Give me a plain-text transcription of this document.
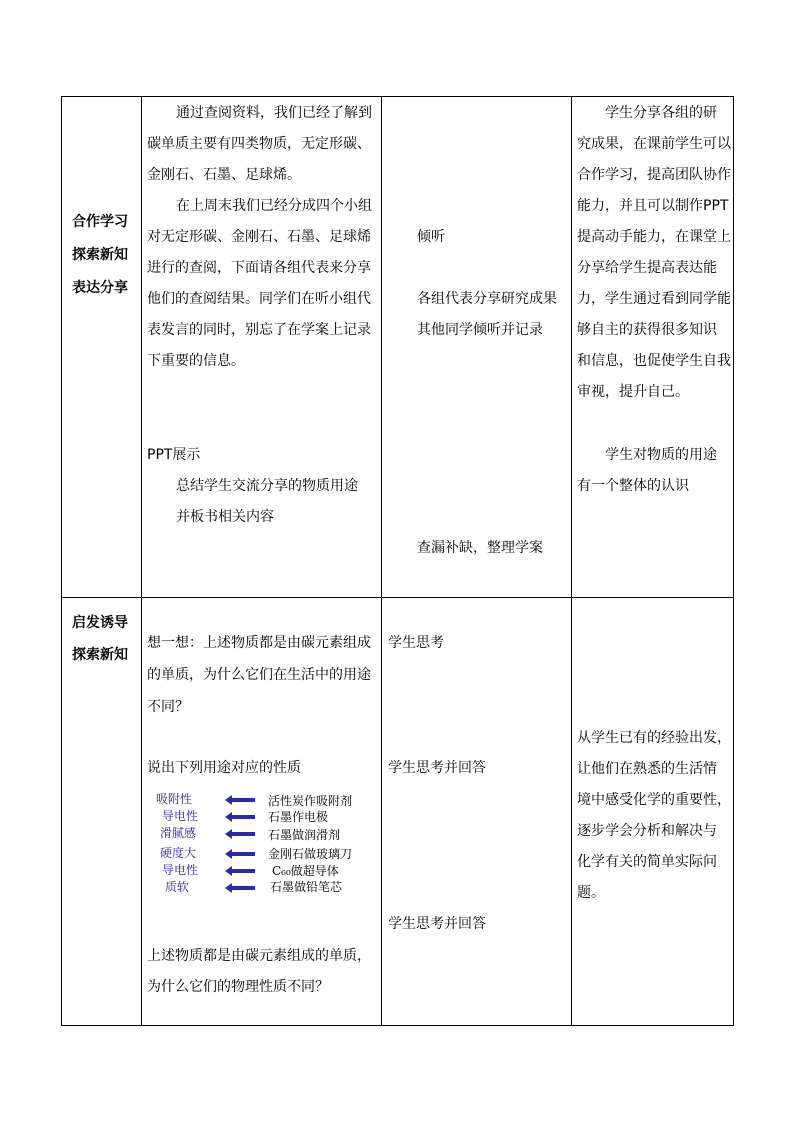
合作学习
探索新知
表达分享
通过查阅资料，我们已经了解到
碳单质主要有四类物质，无定形碳、
金刚石、石墨、足球烯。
在上周末我们已经分成四个小组
对无定形碳、金刚石、石墨、足球烯
进行的查阅，下面请各组代表来分享
他们的查阅结果。同学们在听小组代
表发言的同时，别忘了在学案上记录
下重要的信息。
PPT展示
总结学生交流分享的物质用途
并板书相关内容
倾听
各组代表分享研究成果
其他同学倾听并记录
查漏补缺，整理学案
学生分享各组的研
究成果，在课前学生可以
合作学习，提高团队协作
能力，并且可以制作PPT
提高动手能力，在课堂上
分享给学生提高表达能
力，学生通过看到同学能
够自主的获得很多知识
和信息，也促使学生自我
审视，提升自己。
学生对物质的用途
有一个整体的认识
启发诱导
探索新知
想一想：上述物质都是由碳元素组成
的单质，为什么它们在生活中的用途
不同？
说出下列用途对应的性质
吸附性
导电性
滑腻感
硬度大
导电性
质软
活性炭作吸附剂
石墨作电极
石墨做润滑剂
金刚石做玻璃刀
C₆₀做超导体
石墨做铅笔芯
上述物质都是由碳元素组成的单质，
为什么它们的物理性质不同？
学生思考
学生思考并回答
学生思考并回答
从学生已有的经验出发，
让他们在熟悉的生活情
境中感受化学的重要性，
逐步学会分析和解决与
化学有关的简单实际问
题。
